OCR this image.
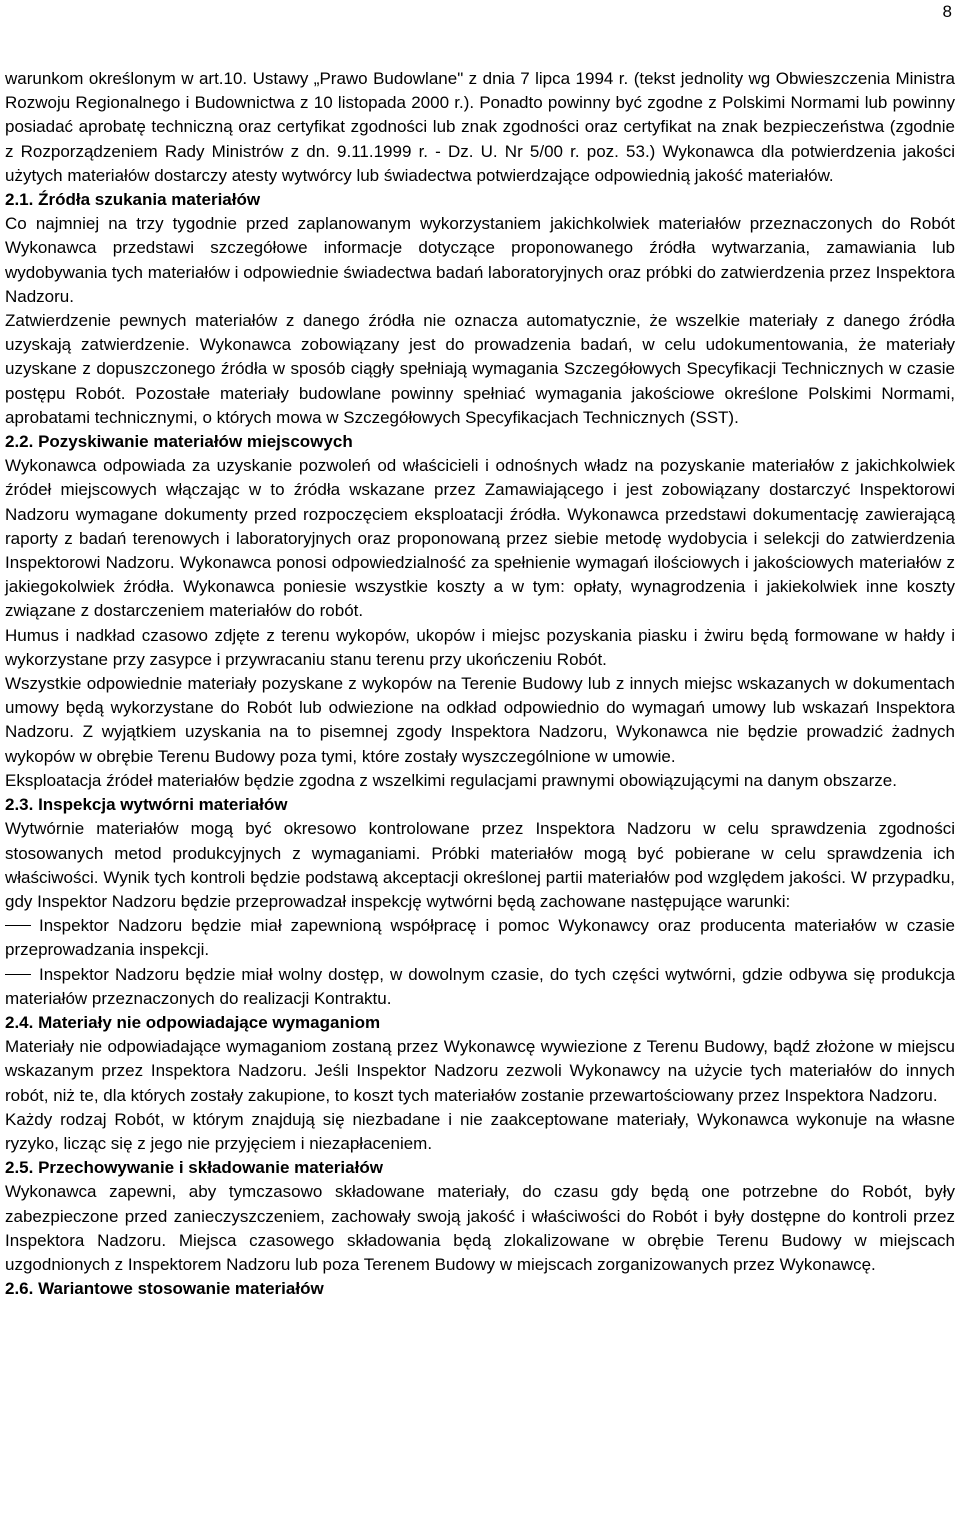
8

warunkom określonym w art.10. Ustawy „Prawo Budowlane" z dnia 7 lipca 1994 r. (tekst jednolity wg Obwieszczenia Ministra Rozwoju Regionalnego i Budownictwa z 10 listopada 2000 r.). Ponadto powinny być zgodne z Polskimi Normami lub powinny posiadać aprobatę techniczną oraz certyfikat zgodności lub znak zgodności oraz certyfikat na znak bezpieczeństwa (zgodnie z Rozporządzeniem Rady Ministrów z dn. 9.11.1999 r. - Dz. U. Nr 5/00 r. poz. 53.) Wykonawca dla potwierdzenia jakości użytych materiałów dostarczy atesty wytwórcy lub świadectwa potwierdzające odpowiednią jakość materiałów.

2.1. Źródła szukania materiałów

Co najmniej na trzy tygodnie przed zaplanowanym wykorzystaniem jakichkolwiek materiałów przeznaczonych do Robót Wykonawca przedstawi szczegółowe informacje dotyczące proponowanego źródła wytwarzania, zamawiania lub wydobywania tych materiałów i odpowiednie świadectwa badań laboratoryjnych oraz próbki do zatwierdzenia przez Inspektora Nadzoru.

Zatwierdzenie pewnych materiałów z danego źródła nie oznacza automatycznie, że wszelkie materiały z danego źródła uzyskają zatwierdzenie. Wykonawca zobowiązany jest do prowadzenia badań, w celu udokumentowania, że materiały uzyskane z dopuszczonego źródła w sposób ciągły spełniają wymagania Szczegółowych Specyfikacji Technicznych w czasie postępu Robót. Pozostałe materiały budowlane powinny spełniać wymagania jakościowe określone Polskimi Normami, aprobatami technicznymi, o których mowa w Szczegółowych Specyfikacjach Technicznych (SST).

2.2. Pozyskiwanie materiałów miejscowych

Wykonawca odpowiada za uzyskanie pozwoleń od właścicieli i odnośnych władz na pozyskanie materiałów z jakichkolwiek źródeł miejscowych włączając w to źródła wskazane przez Zamawiającego i jest zobowiązany dostarczyć Inspektorowi Nadzoru wymagane dokumenty przed rozpoczęciem eksploatacji źródła. Wykonawca przedstawi dokumentację zawierającą raporty z badań terenowych i laboratoryjnych oraz proponowaną przez siebie metodę wydobycia i selekcji do zatwierdzenia Inspektorowi Nadzoru. Wykonawca ponosi odpowiedzialność za spełnienie wymagań ilościowych i jakościowych materiałów z jakiegokolwiek źródła. Wykonawca poniesie wszystkie koszty a w tym: opłaty, wynagrodzenia i jakiekolwiek inne koszty związane z dostarczeniem materiałów do robót.

Humus i nadkład czasowo zdjęte z terenu wykopów, ukopów i miejsc pozyskania piasku i żwiru będą formowane w hałdy i wykorzystane przy zasypce i przywracaniu stanu terenu przy ukończeniu Robót.

Wszystkie odpowiednie materiały pozyskane z wykopów na Terenie Budowy lub z innych miejsc wskazanych w dokumentach umowy będą wykorzystane do Robót lub odwiezione na odkład odpowiednio do wymagań umowy lub wskazań Inspektora Nadzoru. Z wyjątkiem uzyskania na to pisemnej zgody Inspektora Nadzoru, Wykonawca nie będzie prowadzić żadnych wykopów w obrębie Terenu Budowy poza tymi, które zostały wyszczególnione w umowie.

Eksploatacja źródeł materiałów będzie zgodna z wszelkimi regulacjami prawnymi obowiązującymi na danym obszarze.

2.3. Inspekcja wytwórni materiałów

Wytwórnie materiałów mogą być okresowo kontrolowane przez Inspektora Nadzoru w celu sprawdzenia zgodności stosowanych metod produkcyjnych z wymaganiami. Próbki materiałów mogą być pobierane w celu sprawdzenia ich właściwości. Wynik tych kontroli będzie podstawą akceptacji określonej partii materiałów pod względem jakości. W przypadku, gdy Inspektor Nadzoru będzie przeprowadzał inspekcję wytwórni będą zachowane następujące warunki:

Inspektor Nadzoru będzie miał zapewnioną współpracę i pomoc Wykonawcy oraz producenta materiałów w czasie przeprowadzania inspekcji.

Inspektor Nadzoru będzie miał wolny dostęp, w dowolnym czasie, do tych części wytwórni, gdzie odbywa się produkcja materiałów przeznaczonych do realizacji Kontraktu.

2.4. Materiały nie odpowiadające wymaganiom

Materiały nie odpowiadające wymaganiom zostaną przez Wykonawcę wywiezione z Terenu Budowy, bądź złożone w miejscu wskazanym przez Inspektora Nadzoru. Jeśli Inspektor Nadzoru zezwoli Wykonawcy na użycie tych materiałów do innych robót, niż te, dla których zostały zakupione, to koszt tych materiałów zostanie przewartościowany przez Inspektora Nadzoru.

Każdy rodzaj Robót, w którym znajdują się niezbadane i nie zaakceptowane materiały, Wykonawca wykonuje na własne ryzyko, licząc się z jego nie przyjęciem i niezapłaceniem.

2.5. Przechowywanie i składowanie materiałów

Wykonawca zapewni, aby tymczasowo składowane materiały, do czasu gdy będą one potrzebne do Robót, były zabezpieczone przed zanieczyszczeniem, zachowały swoją jakość i właściwości do Robót i były dostępne do kontroli przez Inspektora Nadzoru. Miejsca czasowego składowania będą zlokalizowane w obrębie Terenu Budowy w miejscach uzgodnionych z Inspektorem Nadzoru lub poza Terenem Budowy w miejscach zorganizowanych przez Wykonawcę.

2.6. Wariantowe stosowanie materiałów
